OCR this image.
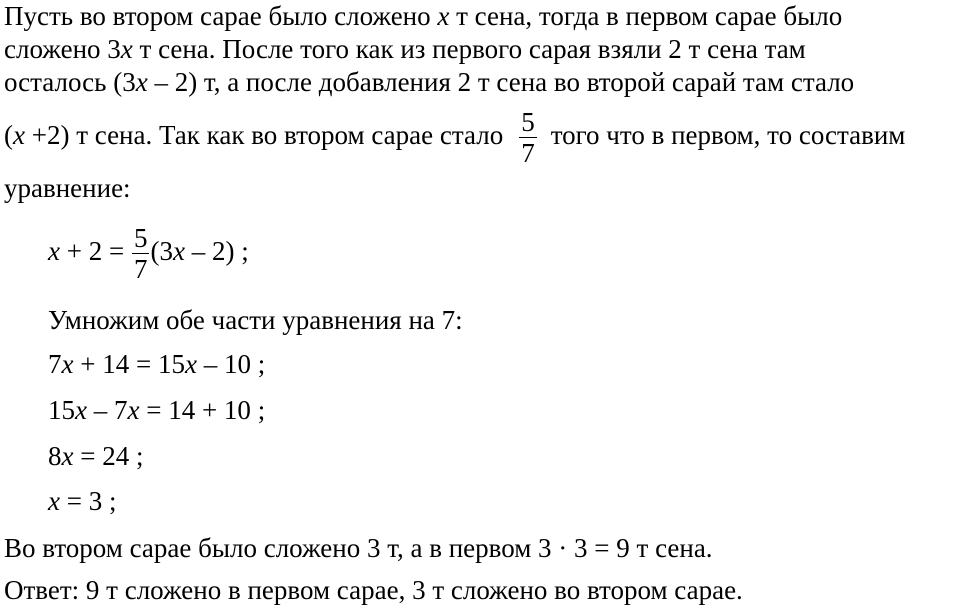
Пусть во втором сарае было сложено x т сена, тогда в первом сарае было
сложено 3x т сена. После того как из первого сарая взяли 2 т сена там
осталось (3x – 2) т, а после добавления 2 т сена во второй сарай там стало
(x +2) т сена. Так как во втором сарае стало $\frac{5}{7}$ того что в первом, то составим
уравнение:
$x + 2 = \frac{5}{7} (3x - 2)$ ;
Умножим обе части уравнения на 7:
7x + 14 = 15x – 10 ;
15x – 7x = 14 + 10 ;
8x = 24 ;
x = 3 ;
Во втором сарае было сложено 3 т, а в первом 3 · 3 = 9 т сена.
Ответ: 9 т сложено в первом сарае, 3 т сложено во втором сарае.
